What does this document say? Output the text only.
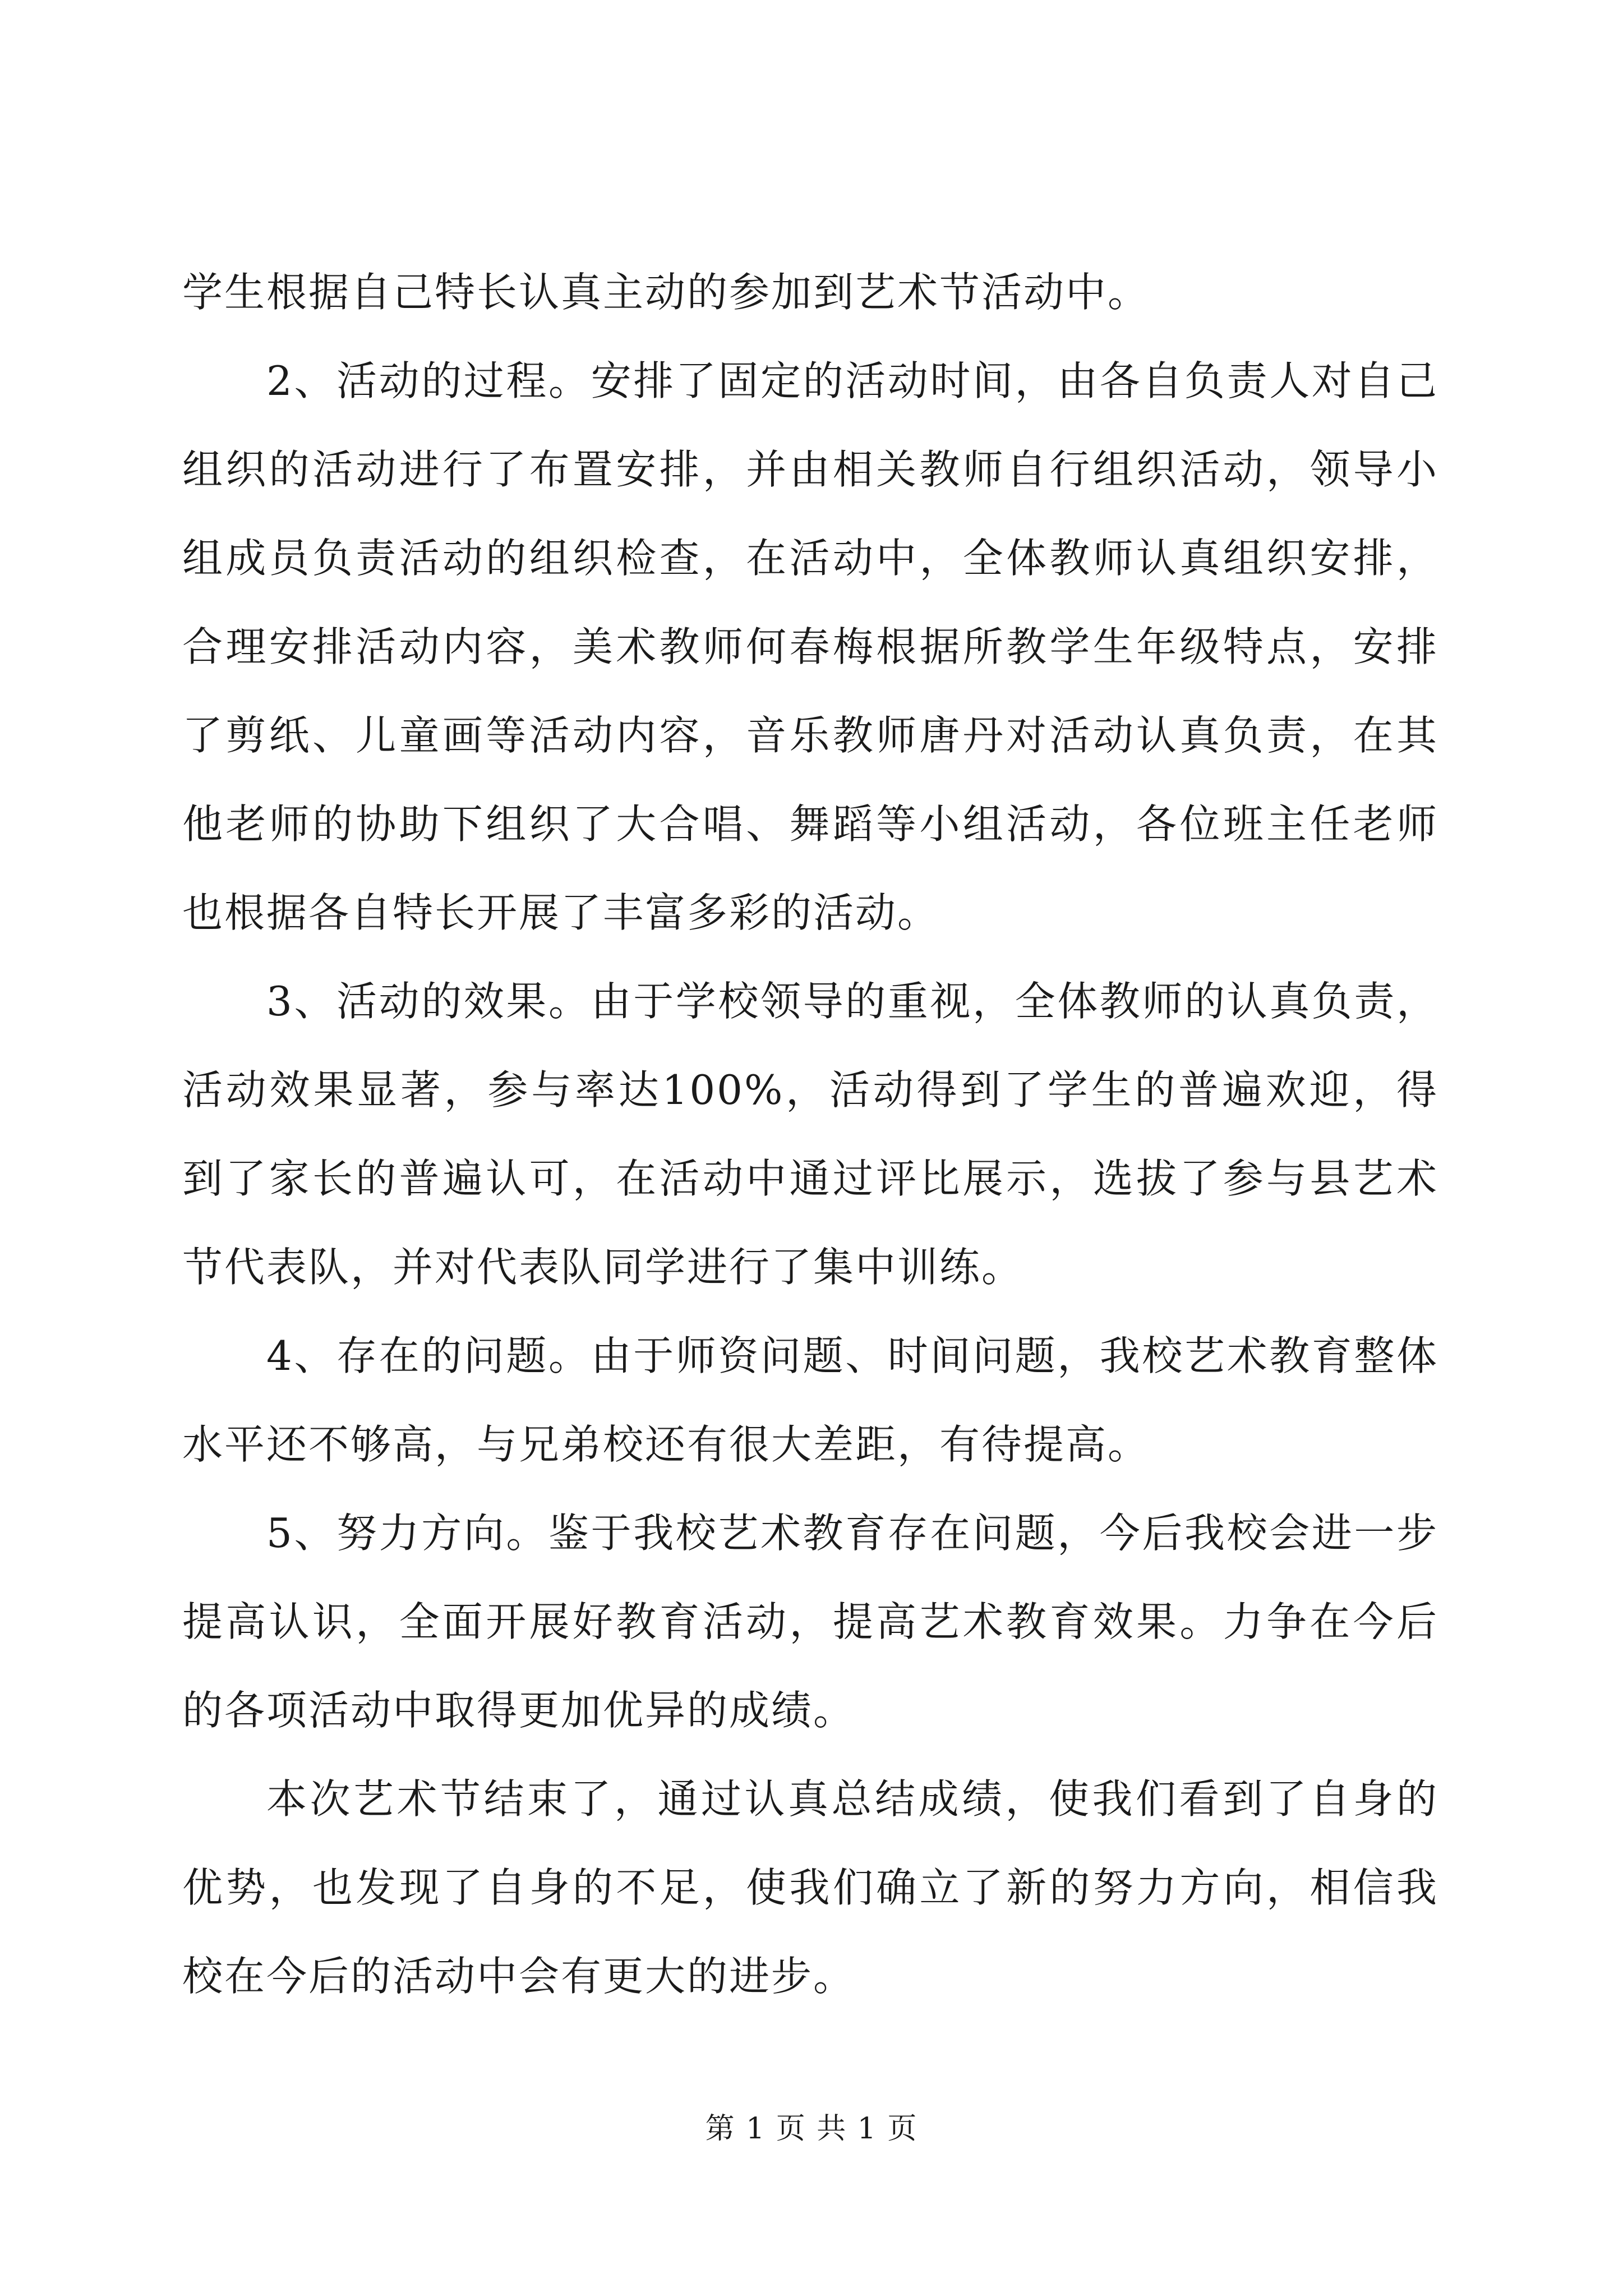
学生根据自己特长认真主动的参加到艺术节活动中。

2、活动的过程。安排了固定的活动时间，由各自负责人对自己组织的活动进行了布置安排，并由相关教师自行组织活动，领导小组成员负责活动的组织检查，在活动中，全体教师认真组织安排，合理安排活动内容，美术教师何春梅根据所教学生年级特点，安排了剪纸、儿童画等活动内容，音乐教师唐丹对活动认真负责，在其他老师的协助下组织了大合唱、舞蹈等小组活动，各位班主任老师也根据各自特长开展了丰富多彩的活动。

3、活动的效果。由于学校领导的重视，全体教师的认真负责，活动效果显著，参与率达100%，活动得到了学生的普遍欢迎，得到了家长的普遍认可，在活动中通过评比展示，选拔了参与县艺术节代表队，并对代表队同学进行了集中训练。

4、存在的问题。由于师资问题、时间问题，我校艺术教育整体水平还不够高，与兄弟校还有很大差距，有待提高。

5、努力方向。鉴于我校艺术教育存在问题，今后我校会进一步提高认识，全面开展好教育活动，提高艺术教育效果。力争在今后的各项活动中取得更加优异的成绩。

本次艺术节结束了，通过认真总结成绩，使我们看到了自身的优势，也发现了自身的不足，使我们确立了新的努力方向，相信我校在今后的活动中会有更大的进步。

第 1 页 共 1 页
